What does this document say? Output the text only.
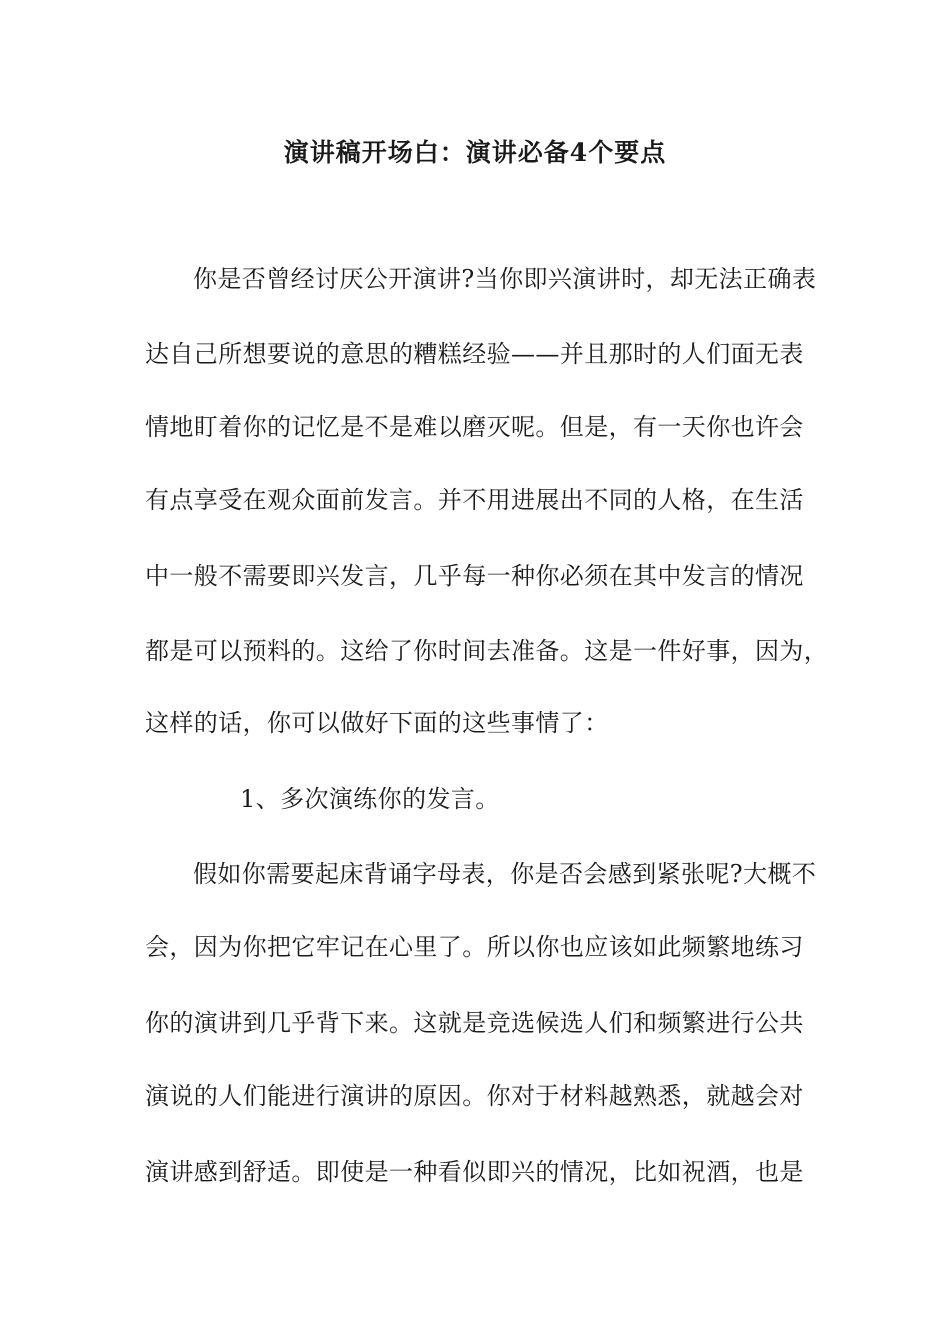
演讲稿开场白：演讲必备4个要点
你是否曾经讨厌公开演讲?当你即兴演讲时，却无法正确表
达自己所想要说的意思的糟糕经验——并且那时的人们面无表
情地盯着你的记忆是不是难以磨灭呢。但是，有一天你也许会
有点享受在观众面前发言。并不用进展出不同的人格，在生活
中一般不需要即兴发言，几乎每一种你必须在其中发言的情况
都是可以预料的。这给了你时间去准备。这是一件好事，因为，
这样的话，你可以做好下面的这些事情了：
1、多次演练你的发言。
假如你需要起床背诵字母表，你是否会感到紧张呢?大概不
会，因为你把它牢记在心里了。所以你也应该如此频繁地练习
你的演讲到几乎背下来。这就是竞选候选人们和频繁进行公共
演说的人们能进行演讲的原因。你对于材料越熟悉，就越会对
演讲感到舒适。即使是一种看似即兴的情况，比如祝酒，也是
